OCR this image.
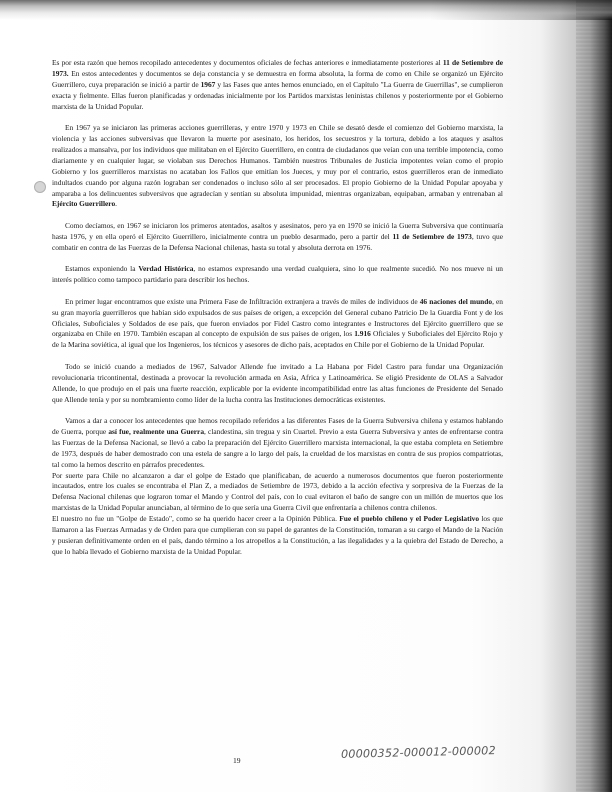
Es por esta razón que hemos recopilado antecedentes y documentos oficiales de fechas anteriores e inmediatamente posteriores al 11 de Setiembre de 1973. En estos antecedentes y documentos se deja constancia y se demuestra en forma absoluta, la forma de como en Chile se organizó un Ejército Guerrillero, cuya preparación se inició a partir de 1967 y las Fases que antes hemos enunciado, en el Capítulo "La Guerra de Guerrillas", se cumplieron exacta y fielmente. Ellas fueron planificadas y ordenadas inicialmente por los Partidos marxistas leninistas chilenos y posteriormente por el Gobierno marxista de la Unidad Popular.

En 1967 ya se iniciaron las primeras acciones guerrilleras, y entre 1970 y 1973 en Chile se desató desde el comienzo del Gobierno marxista, la violencia y las acciones subversivas que llevaron la muerte por asesinato, los heridos, los secuestros y la tortura, debido a los ataques y asaltos realizados a mansalva, por los individuos que militaban en el Ejército Guerrillero, en contra de ciudadanos que veían con una terrible impotencia, como diariamente y en cualquier lugar, se violaban sus Derechos Humanos. También nuestros Tribunales de Justicia impotentes veían como el propio Gobierno y los guerrilleros marxistas no acataban los Fallos que emitían los Jueces, y muy por el contrario, estos guerrilleros eran de inmediato indultados cuando por alguna razón lograban ser condenados o incluso sólo al ser procesados. El propio Gobierno de la Unidad Popular apoyaba y amparaba a los delincuentes subversivos que agradecían y sentían su absoluta impunidad, mientras organizaban, equipaban, armaban y entrenaban al Ejército Guerrillero.

Como decíamos, en 1967 se iniciaron los primeros atentados, asaltos y asesinatos, pero ya en 1970 se inició la Guerra Subversiva que continuaría hasta 1976, y en ella operó el Ejército Guerrillero, inicialmente contra un pueblo desarmado, pero a partir del 11 de Setiembre de 1973, tuvo que combatir en contra de las Fuerzas de la Defensa Nacional chilenas, hasta su total y absoluta derrota en 1976.

Estamos exponiendo la Verdad Histórica, no estamos expresando una verdad cualquiera, sino lo que realmente sucedió. No nos mueve ni un interés político como tampoco partidario para describir los hechos.

En primer lugar encontramos que existe una Primera Fase de Infiltración extranjera a través de miles de individuos de 46 naciones del mundo, en su gran mayoría guerrilleros que habían sido expulsados de sus países de origen, a excepción del General cubano Patricio De la Guardia Font y de los Oficiales, Suboficiales y Soldados de ese país, que fueron enviados por Fidel Castro como integrantes e Instructores del Ejército guerrillero que se organizaba en Chile en 1970. También escapan al concepto de expulsión de sus países de origen, los 1.916 Oficiales y Suboficiales del Ejército Rojo y de la Marina soviética, al igual que los Ingenieros, los técnicos y asesores de dicho país, aceptados en Chile por el Gobierno de la Unidad Popular.

Todo se inició cuando a mediados de 1967, Salvador Allende fue invitado a La Habana por Fidel Castro para fundar una Organización revolucionaria tricontinental, destinada a provocar la revolución armada en Asia, Africa y Latinoamérica. Se eligió Presidente de OLAS a Salvador Allende, lo que produjo en el país una fuerte reacción, explicable por la evidente incompatibilidad entre las altas funciones de Presidente del Senado que Allende tenía y por su nombramiento como líder de la lucha contra las Instituciones democráticas existentes.

Vamos a dar a conocer los antecedentes que hemos recopilado referidos a las diferentes Fases de la Guerra Subversiva chilena y estamos hablando de Guerra, porque así fue, realmente una Guerra, clandestina, sin tregua y sin Cuartel. Previo a esta Guerra Subversiva y antes de enfrentarse contra las Fuerzas de la Defensa Nacional, se llevó a cabo la preparación del Ejército Guerrillero marxista internacional, la que estaba completa en Setiembre de 1973, después de haber demostrado con una estela de sangre a lo largo del país, la crueldad de los marxistas en contra de sus propios compatriotas, tal como la hemos descrito en párrafos precedentes.

Por suerte para Chile no alcanzaron a dar el golpe de Estado que planificaban, de acuerdo a numerosos documentos que fueron posteriormente incautados, entre los cuales se encontraba el Plan Z, a mediados de Setiembre de 1973, debido a la acción efectiva y sorpresiva de la Fuerzas de la Defensa Nacional chilenas que lograron tomar el Mando y Control del país, con lo cual evitaron el baño de sangre con un millón de muertos que los marxistas de la Unidad Popular anunciaban, al término de lo que sería una Guerra Civil que enfrentaría a chilenos contra chilenos.

El nuestro no fue un "Golpe de Estado", como se ha querido hacer creer a la Opinión Pública. Fue el pueblo chileno y el Poder Legislativo los que llamaron a las Fuerzas Armadas y de Orden para que cumplieran con su papel de garantes de la Constitución, tomaran a su cargo el Mando de la Nación y pusieran definitivamente orden en el país, dando término a los atropellos a la Constitución, a las ilegalidades y a la quiebra del Estado de Derecho, a que lo había llevado el Gobierno marxista de la Unidad Popular.

19	00000352-000012-000002
